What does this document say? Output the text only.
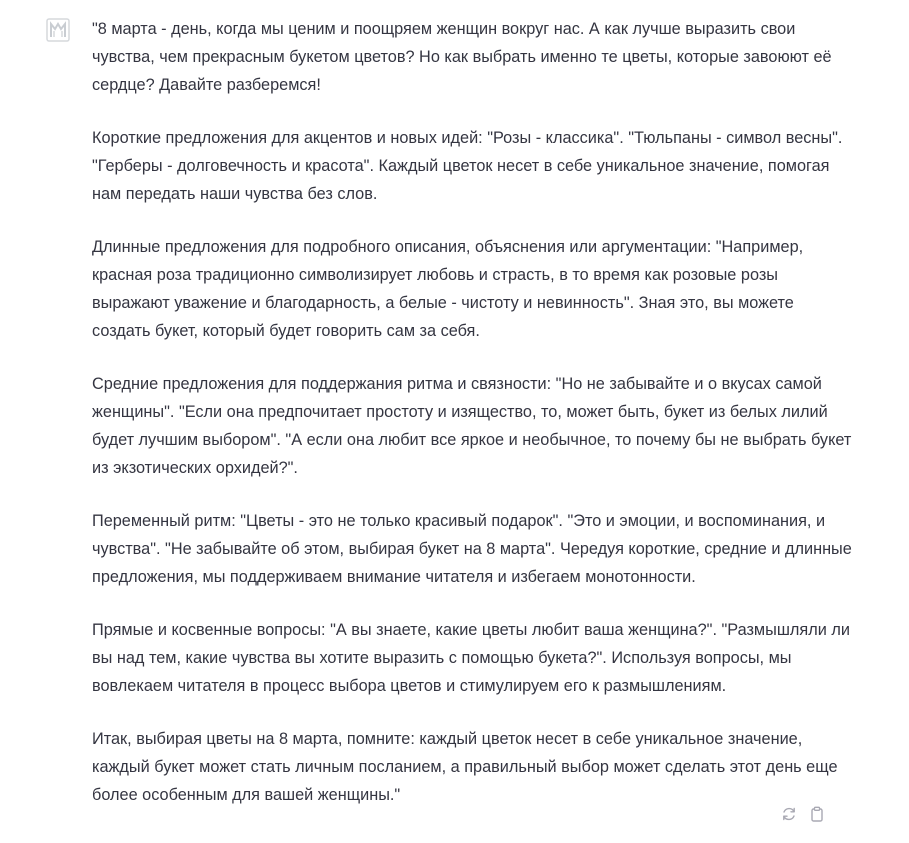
"8 марта - день, когда мы ценим и поощряем женщин вокруг нас. А как лучше выразить свои чувства, чем прекрасным букетом цветов? Но как выбрать именно те цветы, которые завоюют её сердце? Давайте разберемся!

Короткие предложения для акцентов и новых идей: "Розы - классика". "Тюльпаны - символ весны". "Герберы - долговечность и красота". Каждый цветок несет в себе уникальное значение, помогая нам передать наши чувства без слов.

Длинные предложения для подробного описания, объяснения или аргументации: "Например, красная роза традиционно символизирует любовь и страсть, в то время как розовые розы выражают уважение и благодарность, а белые - чистоту и невинность". Зная это, вы можете создать букет, который будет говорить сам за себя.

Средние предложения для поддержания ритма и связности: "Но не забывайте и о вкусах самой женщины". "Если она предпочитает простоту и изящество, то, может быть, букет из белых лилий будет лучшим выбором". "А если она любит все яркое и необычное, то почему бы не выбрать букет из экзотических орхидей?".

Переменный ритм: "Цветы - это не только красивый подарок". "Это и эмоции, и воспоминания, и чувства". "Не забывайте об этом, выбирая букет на 8 марта". Чередуя короткие, средние и длинные предложения, мы поддерживаем внимание читателя и избегаем монотонности.

Прямые и косвенные вопросы: "А вы знаете, какие цветы любит ваша женщина?". "Размышляли ли вы над тем, какие чувства вы хотите выразить с помощью букета?". Используя вопросы, мы вовлекаем читателя в процесс выбора цветов и стимулируем его к размышлениям.

Итак, выбирая цветы на 8 марта, помните: каждый цветок несет в себе уникальное значение, каждый букет может стать личным посланием, а правильный выбор может сделать этот день еще более особенным для вашей женщины."
